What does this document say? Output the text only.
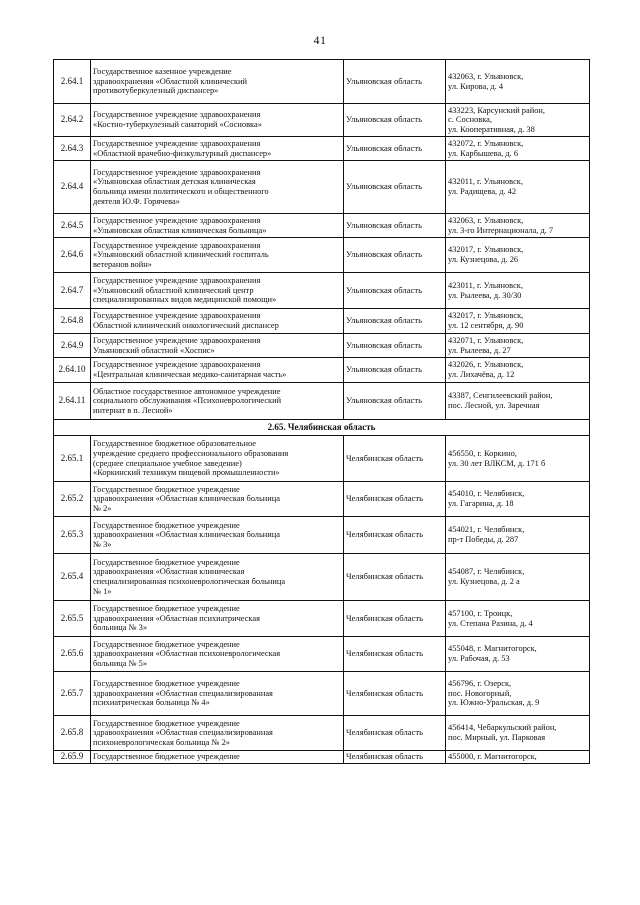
41
2.64.1	Государственное казенное учреждение
здравоохранения «Областной клинический
противотуберкулезный диспансер»	Ульяновская область	432063, г. Ульяновск,
ул. Кирова, д. 4

2.64.2	Государственное учреждение здравоохранения
«Костно-туберкулезный санаторий «Сосновка»	Ульяновская область	433223, Карсунский район,
с. Сосновка,
ул. Кооперативная, д. 38

2.64.3	Государственное учреждение здравоохранения
«Областной врачебно-физкультурный диспансер»	Ульяновская область	432072, г. Ульяновск,
ул. Карбышева, д. 6

2.64.4	Государственное учреждение здравоохранения
«Ульяновская областная детская клиническая
больница имени политического и общественного
деятеля Ю.Ф. Горячева»	Ульяновская область	432011, г. Ульяновск,
ул. Радищева, д. 42

2.64.5	Государственное учреждение здравоохранения
«Ульяновская областная клиническая больница»	Ульяновская область	432063, г. Ульяновск,
ул. 3-го Интернационала, д. 7

2.64.6	Государственное учреждение здравоохранения
«Ульяновский областной клинический госпиталь
ветеранов войн»	Ульяновская область	432017, г. Ульяновск,
ул. Кузнецова, д. 26

2.64.7	Государственное учреждение здравоохранения
«Ульяновский областной клинический центр
специализированных видов медицинской помощи»	Ульяновская область	423011, г. Ульяновск,
ул. Рылеева, д. 30/30

2.64.8	Государственное учреждение здравоохранения
Областной клинический онкологический диспансер	Ульяновская область	432017, г. Ульяновск,
ул. 12 сентября, д. 90

2.64.9	Государственное учреждение здравоохранения
Ульяновский областной «Хоспис»	Ульяновская область	432071, г. Ульяновск,
ул. Рылеева, д. 27

2.64.10	Государственное учреждение здравоохранения
«Центральная клиническая медико-санитарная часть»	Ульяновская область	432026, г. Ульяновск,
ул. Лихачёва, д. 12

2.64.11	Областное государственное автономное учреждение
социального обслуживания «Психоневрологический
интернат в п. Лесной»	Ульяновская область	43387, Сенгилеевский район,
пос. Лесной, ул. Заречная

2.65. Челябинская область			
2.65.1	Государственное бюджетное образовательное
учреждение среднего профессионального образования
(среднее специальное учебное заведение)
«Коркинский техникум пищевой промышленности»	Челябинская область	456550, г. Коркино,
ул. 30 лет ВЛКСМ, д. 171 б

2.65.2	Государственное бюджетное учреждение
здравоохранения «Областная клиническая больница
№ 2»	Челябинская область	454010, г. Челябинск,
ул. Гагарина, д. 18

2.65.3	Государственное бюджетное учреждение
здравоохранения «Областная клиническая больница
№ 3»	Челябинская область	454021, г. Челябинск,
пр-т Победы, д. 287

2.65.4	Государственное бюджетное учреждение
здравоохранения «Областная клиническая
специализированная психоневрологическая больница
№ 1»	Челябинская область	454087, г. Челябинск,
ул. Кузнецова, д. 2 а

2.65.5	Государственное бюджетное учреждение
здравоохранения «Областная психиатрическая
больница № 3»	Челябинская область	457100, г. Троицк,
ул. Степана Разина, д. 4

2.65.6	Государственное бюджетное учреждение
здравоохранения «Областная психоневрологическая
больница № 5»	Челябинская область	455048, г. Магнитогорск,
ул. Рабочая, д. 53

2.65.7	Государственное бюджетное учреждение
здравоохранения «Областная специализированная
психиатрическая больница № 4»	Челябинская область	456796, г. Озерск,
пос. Новогорный,
ул. Южно-Уральская, д. 9

2.65.8	Государственное бюджетное учреждение
здравоохранения «Областная специализированная
психоневрологическая больница № 2»	Челябинская область	456414, Чебаркульский район,
пос. Мирный, ул. Парковая

2.65.9	Государственное бюджетное учреждение	Челябинская область	455000, г. Магнитогорск,
